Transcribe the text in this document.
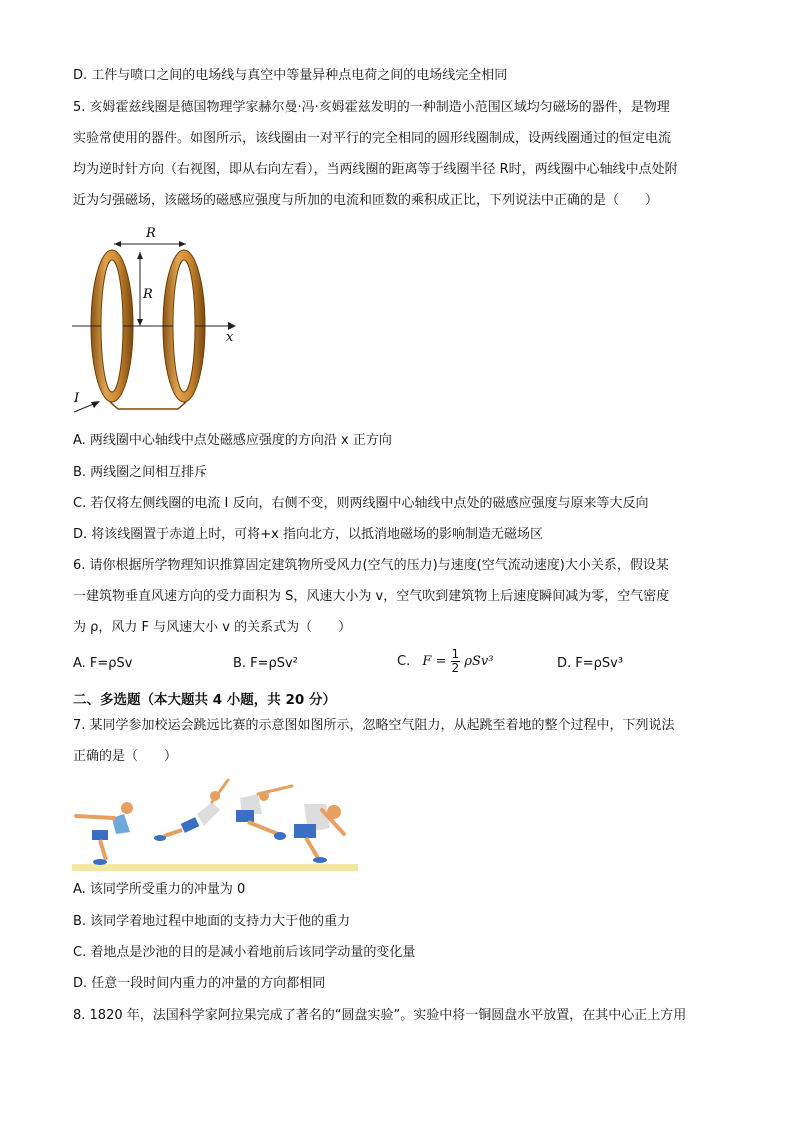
D. 工件与喷口之间的电场线与真空中等量异种点电荷之间的电场线完全相同
5. 亥姆霍兹线圈是德国物理学家赫尔曼·冯·亥姆霍兹发明的一种制造小范围区域均匀磁场的器件，是物理
实验常使用的器件。如图所示，该线圈由一对平行的完全相同的圆形线圈制成，设两线圈通过的恒定电流
均为逆时针方向（右视图，即从右向左看），当两线圈的距离等于线圈半径 R时，两线圈中心轴线中点处附
近为匀强磁场，该磁场的磁感应强度与所加的电流和匝数的乘积成正比，下列说法中正确的是（　　）
R
R
x
I
A. 两线圈中心轴线中点处磁感应强度的方向沿 x 正方向
B. 两线圈之间相互排斥
C. 若仅将左侧线圈的电流 I 反向，右侧不变，则两线圈中心轴线中点处的磁感应强度与原来等大反向
D. 将该线圈置于赤道上时，可将+x 指向北方，以抵消地磁场的影响制造无磁场区
6. 请你根据所学物理知识推算固定建筑物所受风力(空气的压力)与速度(空气流动速度)大小关系，假设某
一建筑物垂直风速方向的受力面积为 S，风速大小为 v，空气吹到建筑物上后速度瞬间减为零，空气密度
为 ρ，风力 F 与风速大小 v 的关系式为（　　）
A. F=ρSv	B. F=ρSv²	C. $F = \frac{1}{2} \rho Sv^3$	D. F=ρSv³
二、多选题（本大题共 4 小题，共 20 分）
7. 某同学参加校运会跳远比赛的示意图如图所示，忽略空气阻力，从起跳至着地的整个过程中，下列说法
正确的是（　　）
A. 该同学所受重力的冲量为 0
B. 该同学着地过程中地面的支持力大于他的重力
C. 着地点是沙池的目的是减小着地前后该同学动量的变化量
D. 任意一段时间内重力的冲量的方向都相同
8. 1820 年，法国科学家阿拉果完成了著名的“圆盘实验”。实验中将一铜圆盘水平放置，在其中心正上方用
